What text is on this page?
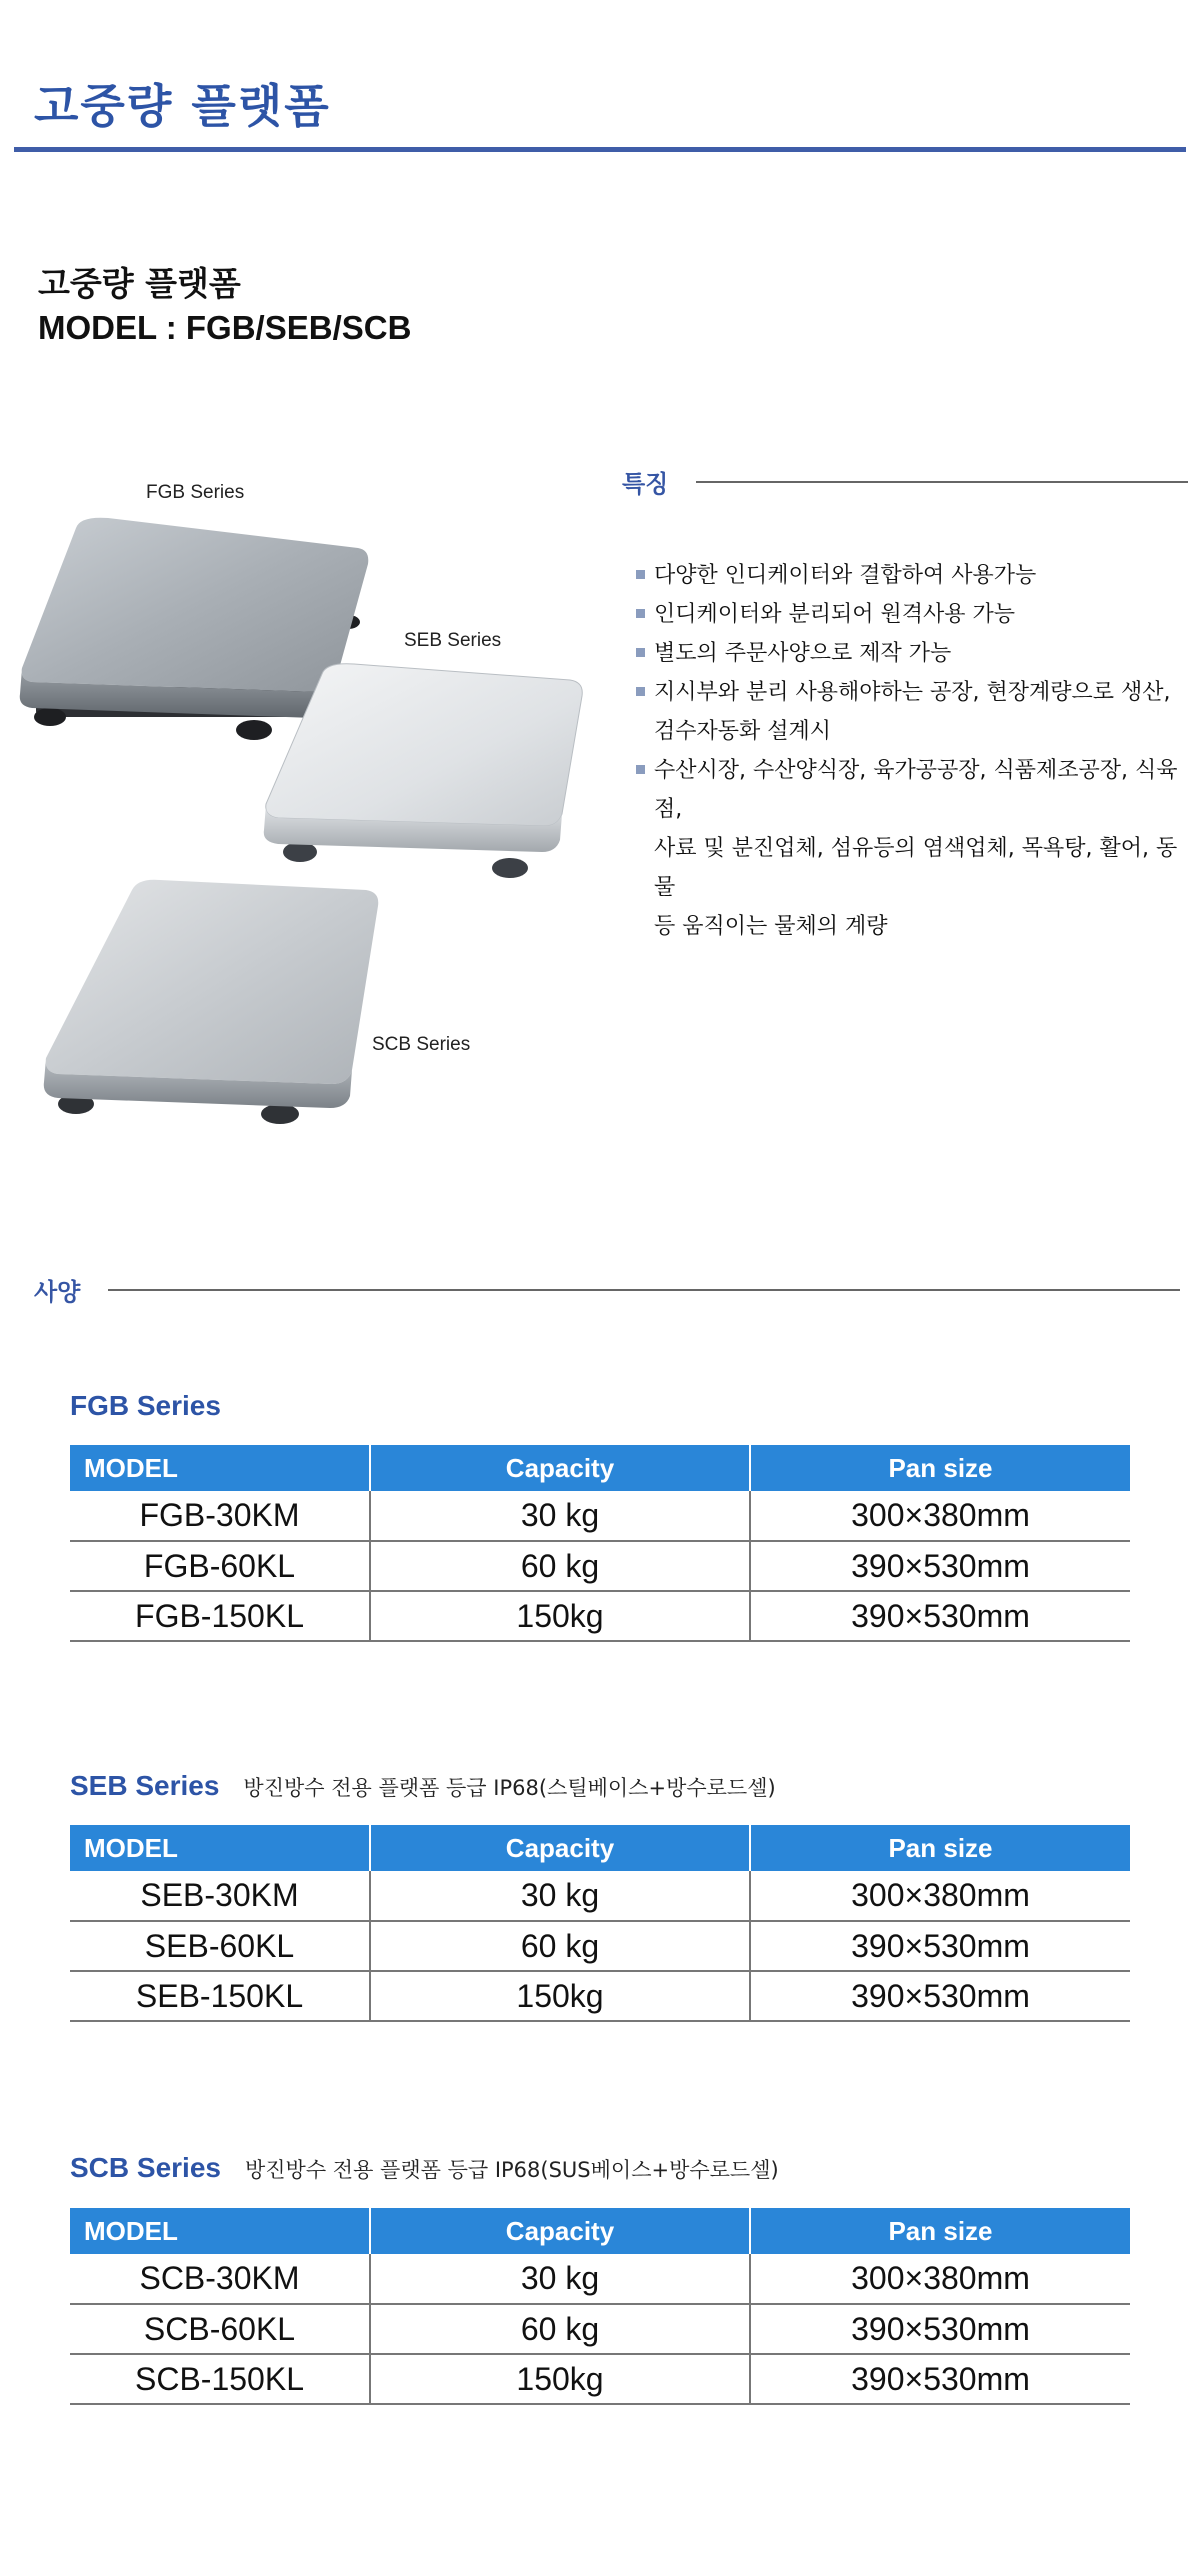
고중량 플랫폼
고중량 플랫폼
MODEL : FGB/SEB/SCB
FGB Series
SEB Series
SCB Series
특징
다양한 인디케이터와 결합하여 사용가능
인디케이터와 분리되어 원격사용 가능
별도의 주문사양으로 제작 가능
지시부와 분리 사용해야하는 공장, 현장계량으로 생산,
검수자동화 설계시
수산시장, 수산양식장, 육가공공장, 식품제조공장, 식육점,
사료 및 분진업체, 섬유등의 염색업체, 목욕탕, 활어, 동물
등 움직이는 물체의 계량
사양
FGB Series
MODEL	Capacity	Pan size
FGB-30KM	30 kg	300×380mm
FGB-60KL	60 kg	390×530mm
FGB-150KL	150kg	390×530mm
SEB Series 방진방수 전용 플랫폼 등급 IP68(스틸베이스+방수로드셀)
MODEL	Capacity	Pan size
SEB-30KM	30 kg	300×380mm
SEB-60KL	60 kg	390×530mm
SEB-150KL	150kg	390×530mm
SCB Series 방진방수 전용 플랫폼 등급 IP68(SUS베이스+방수로드셀)
MODEL	Capacity	Pan size
SCB-30KM	30 kg	300×380mm
SCB-60KL	60 kg	390×530mm
SCB-150KL	150kg	390×530mm
